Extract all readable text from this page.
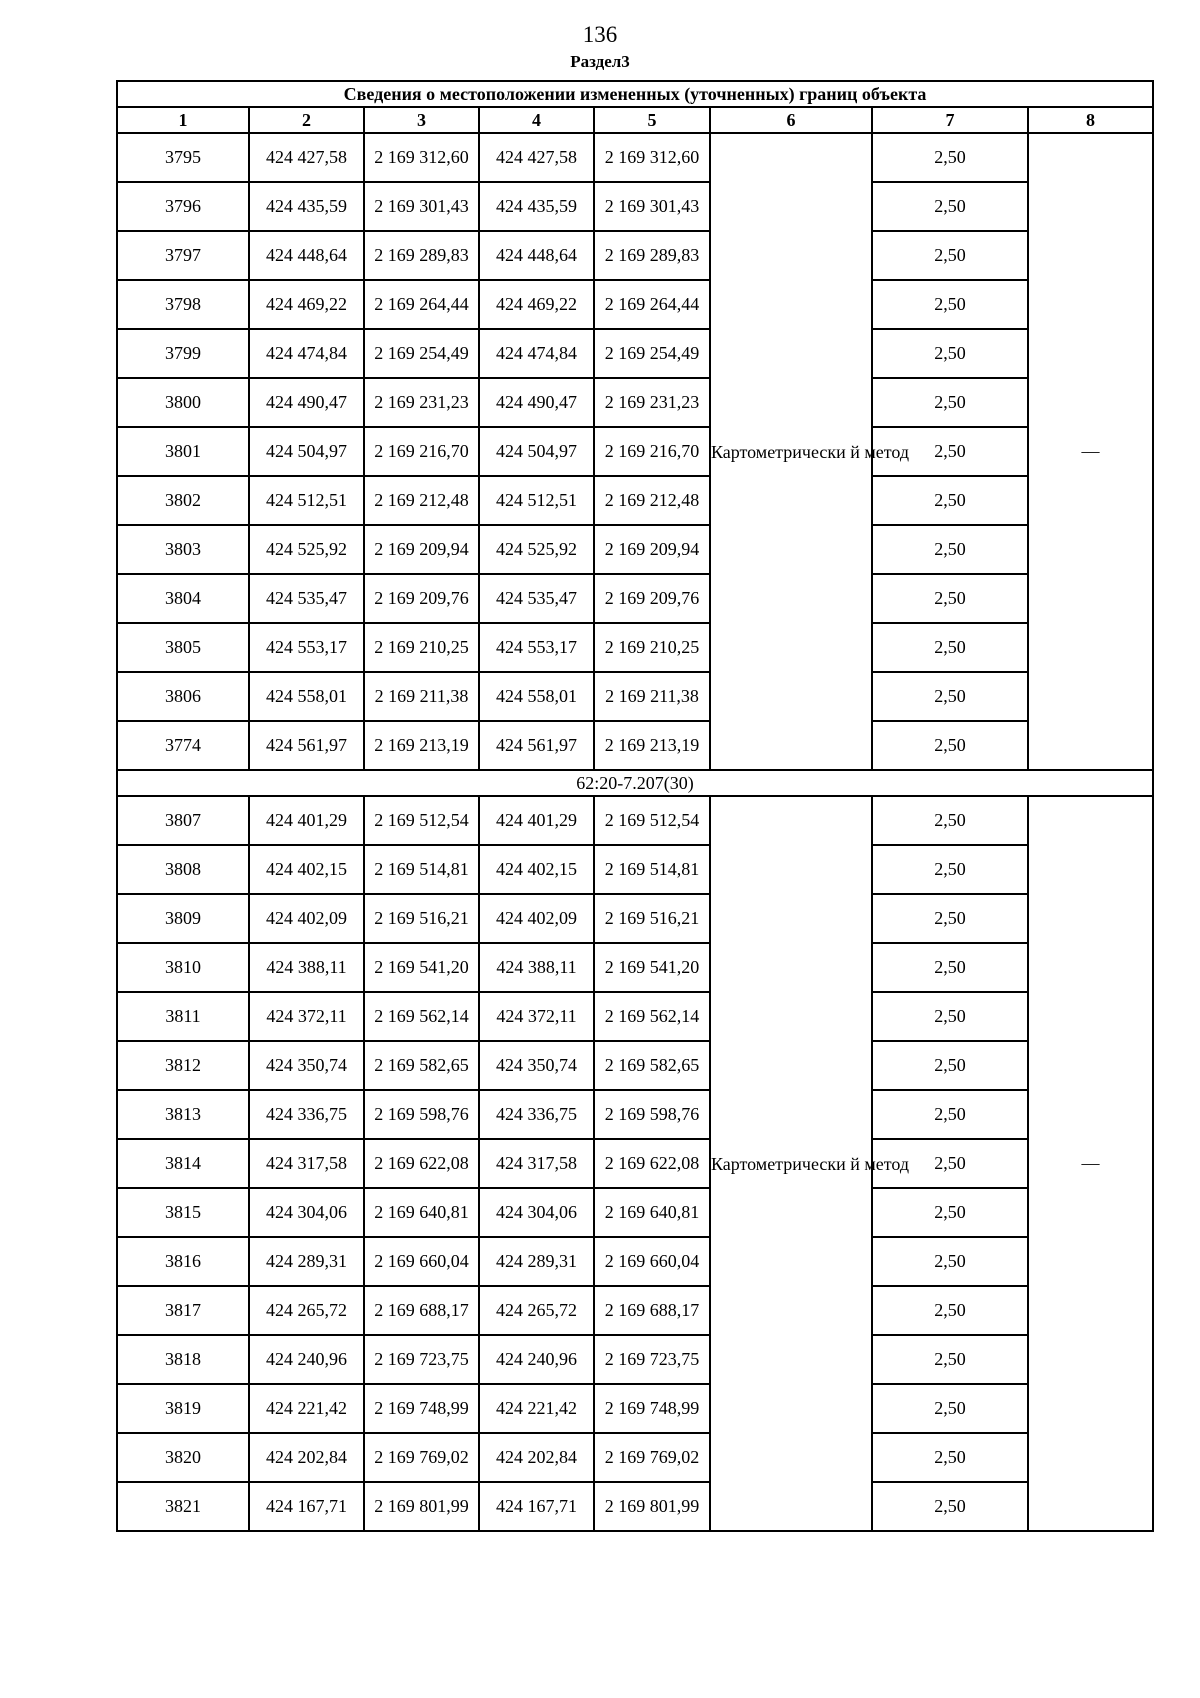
136
Раздел3
Сведения о местоположении измененных (уточненных) границ объекта							
1	2	3	4	5	6	7	8
3795	424 427,58	2 169 312,60	424 427,58	2 169 312,60	Картометрически й метод	2,50	—
3796	424 435,59	2 169 301,43	424 435,59	2 169 301,43		2,50	
3797	424 448,64	2 169 289,83	424 448,64	2 169 289,83		2,50	
3798	424 469,22	2 169 264,44	424 469,22	2 169 264,44		2,50	
3799	424 474,84	2 169 254,49	424 474,84	2 169 254,49		2,50	
3800	424 490,47	2 169 231,23	424 490,47	2 169 231,23		2,50	
3801	424 504,97	2 169 216,70	424 504,97	2 169 216,70		2,50	
3802	424 512,51	2 169 212,48	424 512,51	2 169 212,48		2,50	
3803	424 525,92	2 169 209,94	424 525,92	2 169 209,94		2,50	
3804	424 535,47	2 169 209,76	424 535,47	2 169 209,76		2,50	
3805	424 553,17	2 169 210,25	424 553,17	2 169 210,25		2,50	
3806	424 558,01	2 169 211,38	424 558,01	2 169 211,38		2,50	
3774	424 561,97	2 169 213,19	424 561,97	2 169 213,19		2,50	
62:20-7.207(30)							
3807	424 401,29	2 169 512,54	424 401,29	2 169 512,54	Картометрически й метод	2,50	—
3808	424 402,15	2 169 514,81	424 402,15	2 169 514,81		2,50	
3809	424 402,09	2 169 516,21	424 402,09	2 169 516,21		2,50	
3810	424 388,11	2 169 541,20	424 388,11	2 169 541,20		2,50	
3811	424 372,11	2 169 562,14	424 372,11	2 169 562,14		2,50	
3812	424 350,74	2 169 582,65	424 350,74	2 169 582,65		2,50	
3813	424 336,75	2 169 598,76	424 336,75	2 169 598,76		2,50	
3814	424 317,58	2 169 622,08	424 317,58	2 169 622,08		2,50	
3815	424 304,06	2 169 640,81	424 304,06	2 169 640,81		2,50	
3816	424 289,31	2 169 660,04	424 289,31	2 169 660,04		2,50	
3817	424 265,72	2 169 688,17	424 265,72	2 169 688,17		2,50	
3818	424 240,96	2 169 723,75	424 240,96	2 169 723,75		2,50	
3819	424 221,42	2 169 748,99	424 221,42	2 169 748,99		2,50	
3820	424 202,84	2 169 769,02	424 202,84	2 169 769,02		2,50	
3821	424 167,71	2 169 801,99	424 167,71	2 169 801,99		2,50	
